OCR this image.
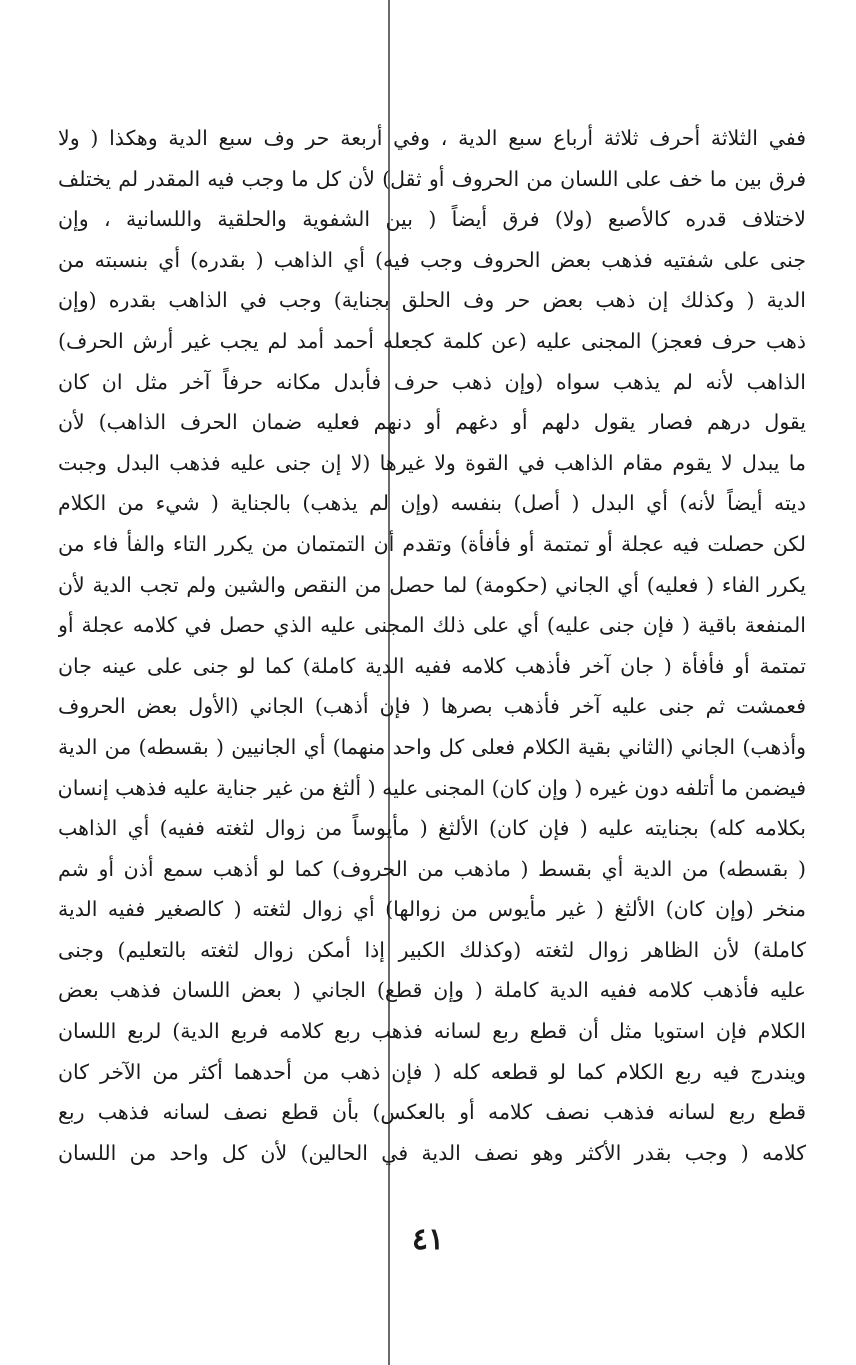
ففي الثلاثة أحرف ثلاثة أرباع سبع الدية ، وفي أربعة حر وف سبع الدية وهكذا ( ولا
فرق بين ما خف على اللسان من الحروف أو ثقل) لأن كل ما وجب فيه المقدر لم يختلف
لاختلاف قدره كالأصبع (ولا) فرق أيضاً ( بين الشفوية والحلقية واللسانية ، وإن
جنى على شفتيه فذهب بعض الحروف وجب فيه) أي الذاهب ( بقدره) أي بنسبته من
الدية ( وكذلك إن ذهب بعض حر وف الحلق بجناية) وجب في الذاهب بقدره (وإن
ذهب حرف فعجز) المجنى عليه (عن كلمة كجعله أحمد أمد لم يجب غير أرش الحرف)
الذاهب لأنه لم يذهب سواه (وإن ذهب حرف فأبدل مكانه حرفاً آخر مثل ان كان
يقول درهم فصار يقول دلهم أو دغهم أو دنهم فعليه ضمان الحرف الذاهب) لأن
ما يبدل لا يقوم مقام الذاهب في القوة ولا غيرها (لا إن جنى عليه فذهب البدل وجبت
ديته أيضاً لأنه) أي البدل ( أصل) بنفسه (وإن لم يذهب) بالجناية ( شيء من الكلام
لكن حصلت فيه عجلة أو تمتمة أو فأفأة) وتقدم أن التمتمان من يكرر التاء والفأ فاء من
يكرر الفاء ( فعليه) أي الجاني (حكومة) لما حصل من النقص والشين ولم تجب الدية لأن
المنفعة باقية ( فإن جنى عليه) أي على ذلك المجنى عليه الذي حصل في كلامه عجلة أو
تمتمة أو فأفأة ( جان آخر فأذهب كلامه ففيه الدية كاملة) كما لو جنى على عينه جان
فعمشت ثم جنى عليه آخر فأذهب بصرها ( فإن أذهب) الجاني (الأول بعض الحروف
وأذهب) الجاني (الثاني بقية الكلام فعلى كل واحد منهما) أي الجانيين ( بقسطه) من الدية
فيضمن ما أتلفه دون غيره ( وإن كان) المجنى عليه ( ألثغ من غير جناية عليه فذهب إنسان
بكلامه كله) بجنايته عليه ( فإن كان) الألثغ ( مأيوساً من زوال لثغته ففيه) أي الذاهب
( بقسطه) من الدية أي بقسط ( ماذهب من الحروف) كما لو أذهب سمع أذن أو شم
منخر (وإن كان) الألثغ ( غير مأيوس من زوالها) أي زوال لثغته ( كالصغير ففيه الدية
كاملة) لأن الظاهر زوال لثغته (وكذلك الكبير إذا أمكن زوال لثغته بالتعليم) وجنى
عليه فأذهب كلامه ففيه الدية كاملة ( وإن قطع) الجاني ( بعض اللسان فذهب بعض
الكلام فإن استويا مثل أن قطع ربع لسانه فذهب ربع كلامه فربع الدية) لربع اللسان
ويندرج فيه ربع الكلام كما لو قطعه كله ( فإن ذهب من أحدهما أكثر من الآخر كان
قطع ربع لسانه فذهب نصف كلامه أو بالعكس) بأن قطع نصف لسانه فذهب ربع
كلامه ( وجب بقدر الأكثر وهو نصف الدية في الحالين) لأن كل واحد من اللسان
٤١
